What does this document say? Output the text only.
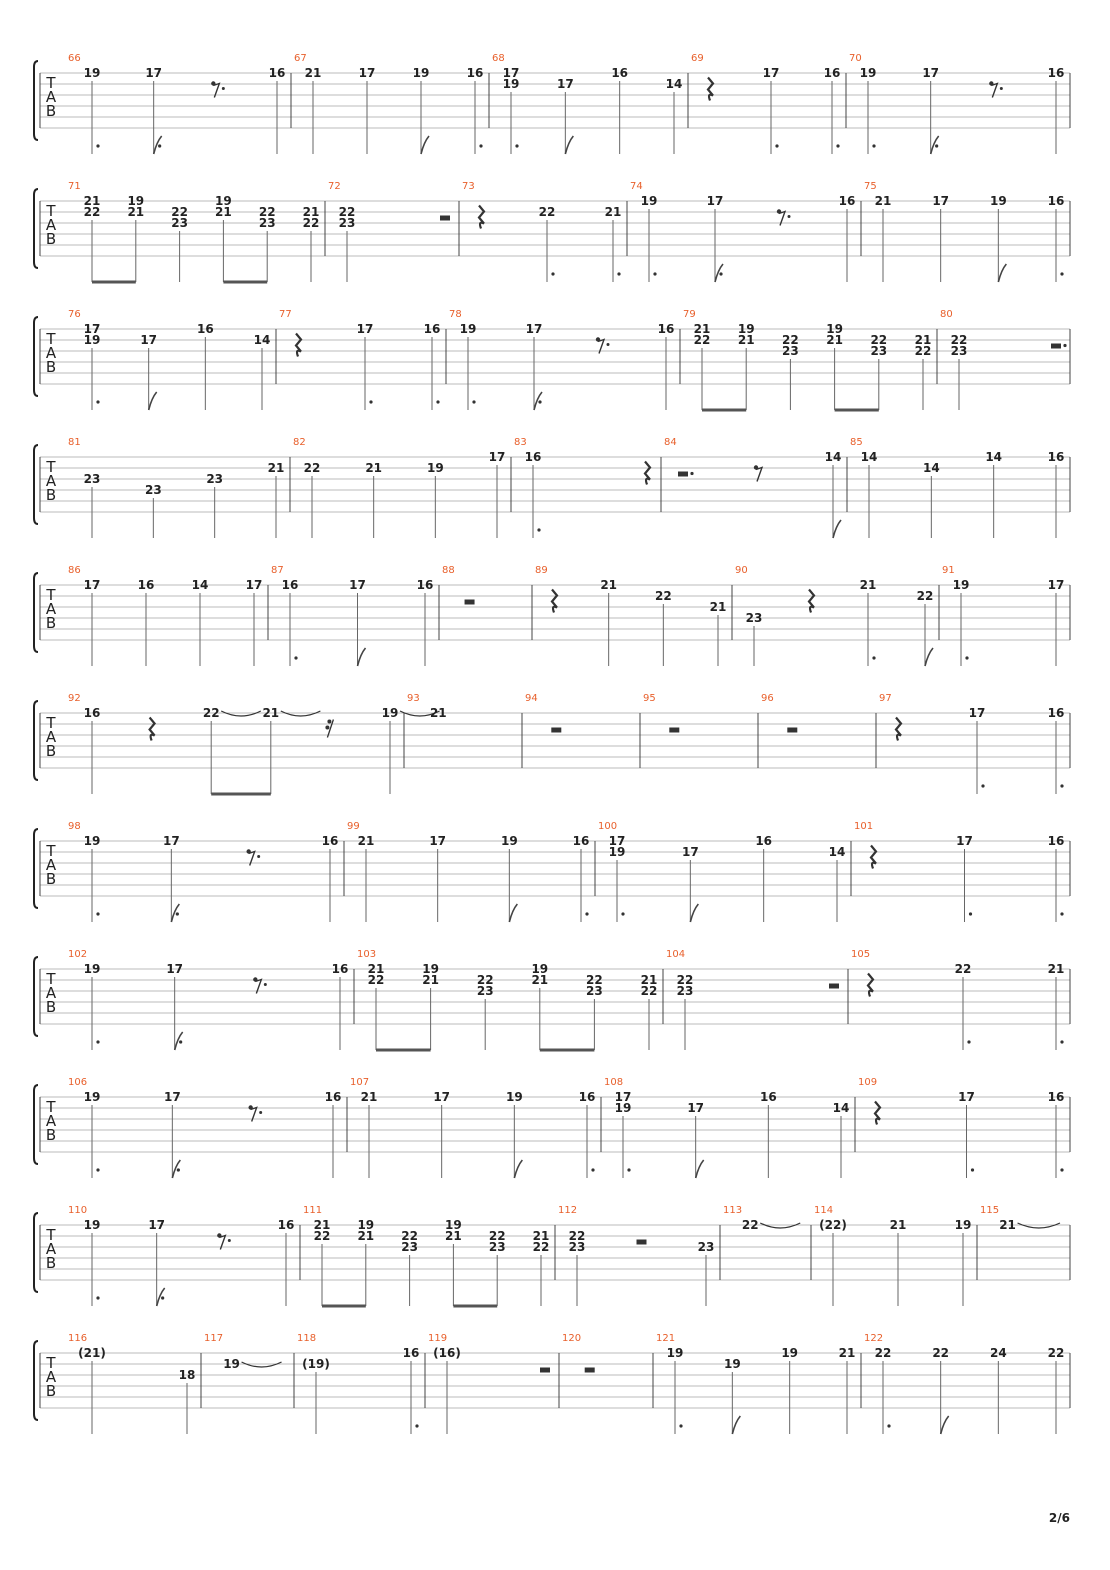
T
A
B
66
19	17	16
67
21	17	19	16
68
17
19	17
16
14
69
17	16
70
19	17	16
T
A
B
71
21
22
19
21 22
23
19
21 22
23
21
22
72
22
23
73
22	21
74
19	17	16
75
21	17	19	16
T
A
B
76
17
19	17
16
14
77
17	16
78
19	17	16
79
21
22
19
21 22
23
19
21 22
23
21
22
80
22
23
T
A
B
81
23
23
23
21
82
22	21	19
17
83
16
84
14
85
14
14
14	16
T
A
B
86
17	16	14	17
87
16	17	16
88	89
21
22
21
90
23
21
22
91
19	17
T
A
B
92
16	22	21	19
93
21
94	95	96	97
17	16
T
A
B
98
19	17	16
99
21	17	19	16
100
17
19	17
16
14
101
17	16
T
A
B
102
19	17	16
103
21
22
19
21	22
23
19
21	22
23
21
22
104
22
23
105
22	21
T
A
B
106
19	17	16
107
21	17	19	16
108
17
19	17
16
14
109
17	16
T
A
B
110
19	17	16
111
21
22
19
21 22
23
19
21 22
23
21
22
112
22
23	23
113
22
114
(22)	21	19
115
21
T
A
B
116
(21)
18
117
19
118
(19)
16
119
(16)
120	121
19
19
19	21
122
22	22	24	22
2/6
